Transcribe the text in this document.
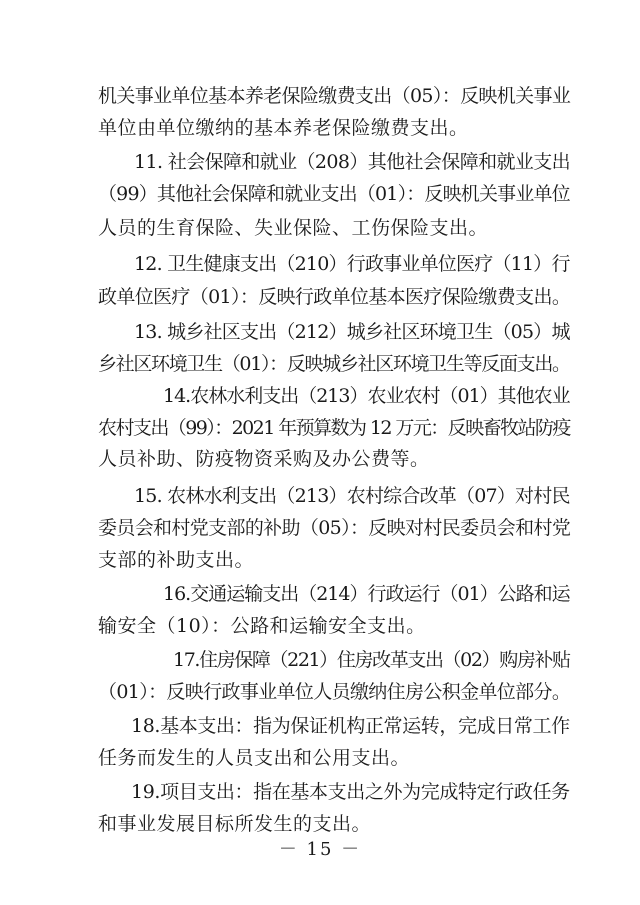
机关事业单位基本养老保险缴费支出（05）：反映机关事业
单位由单位缴纳的基本养老保险缴费支出。
11. 社会保障和就业（208）其他社会保障和就业支出
（99）其他社会保障和就业支出（01）：反映机关事业单位
人员的生育保险、失业保险、工伤保险支出。
12. 卫生健康支出（210）行政事业单位医疗（11）行
政单位医疗（01）：反映行政单位基本医疗保险缴费支出。
13. 城乡社区支出（212）城乡社区环境卫生（05）城
乡社区环境卫生（01）：反映城乡社区环境卫生等反面支出。
14.农林水利支出（213）农业农村（01）其他农业
农村支出（99）：2021 年预算数为 12 万元：反映畜牧站防疫
人员补助、防疫物资采购及办公费等。
15. 农林水利支出（213）农村综合改革（07）对村民
委员会和村党支部的补助（05）：反映对村民委员会和村党
支部的补助支出。
16.交通运输支出（214）行政运行（01）公路和运
输安全（10）：公路和运输安全支出。
17.住房保障（221）住房改革支出（02）购房补贴
（01）：反映行政事业单位人员缴纳住房公积金单位部分。
18.基本支出：指为保证机构正常运转，完成日常工作
任务而发生的人员支出和公用支出。
19.项目支出：指在基本支出之外为完成特定行政任务
和事业发展目标所发生的支出。
－ 15 －
